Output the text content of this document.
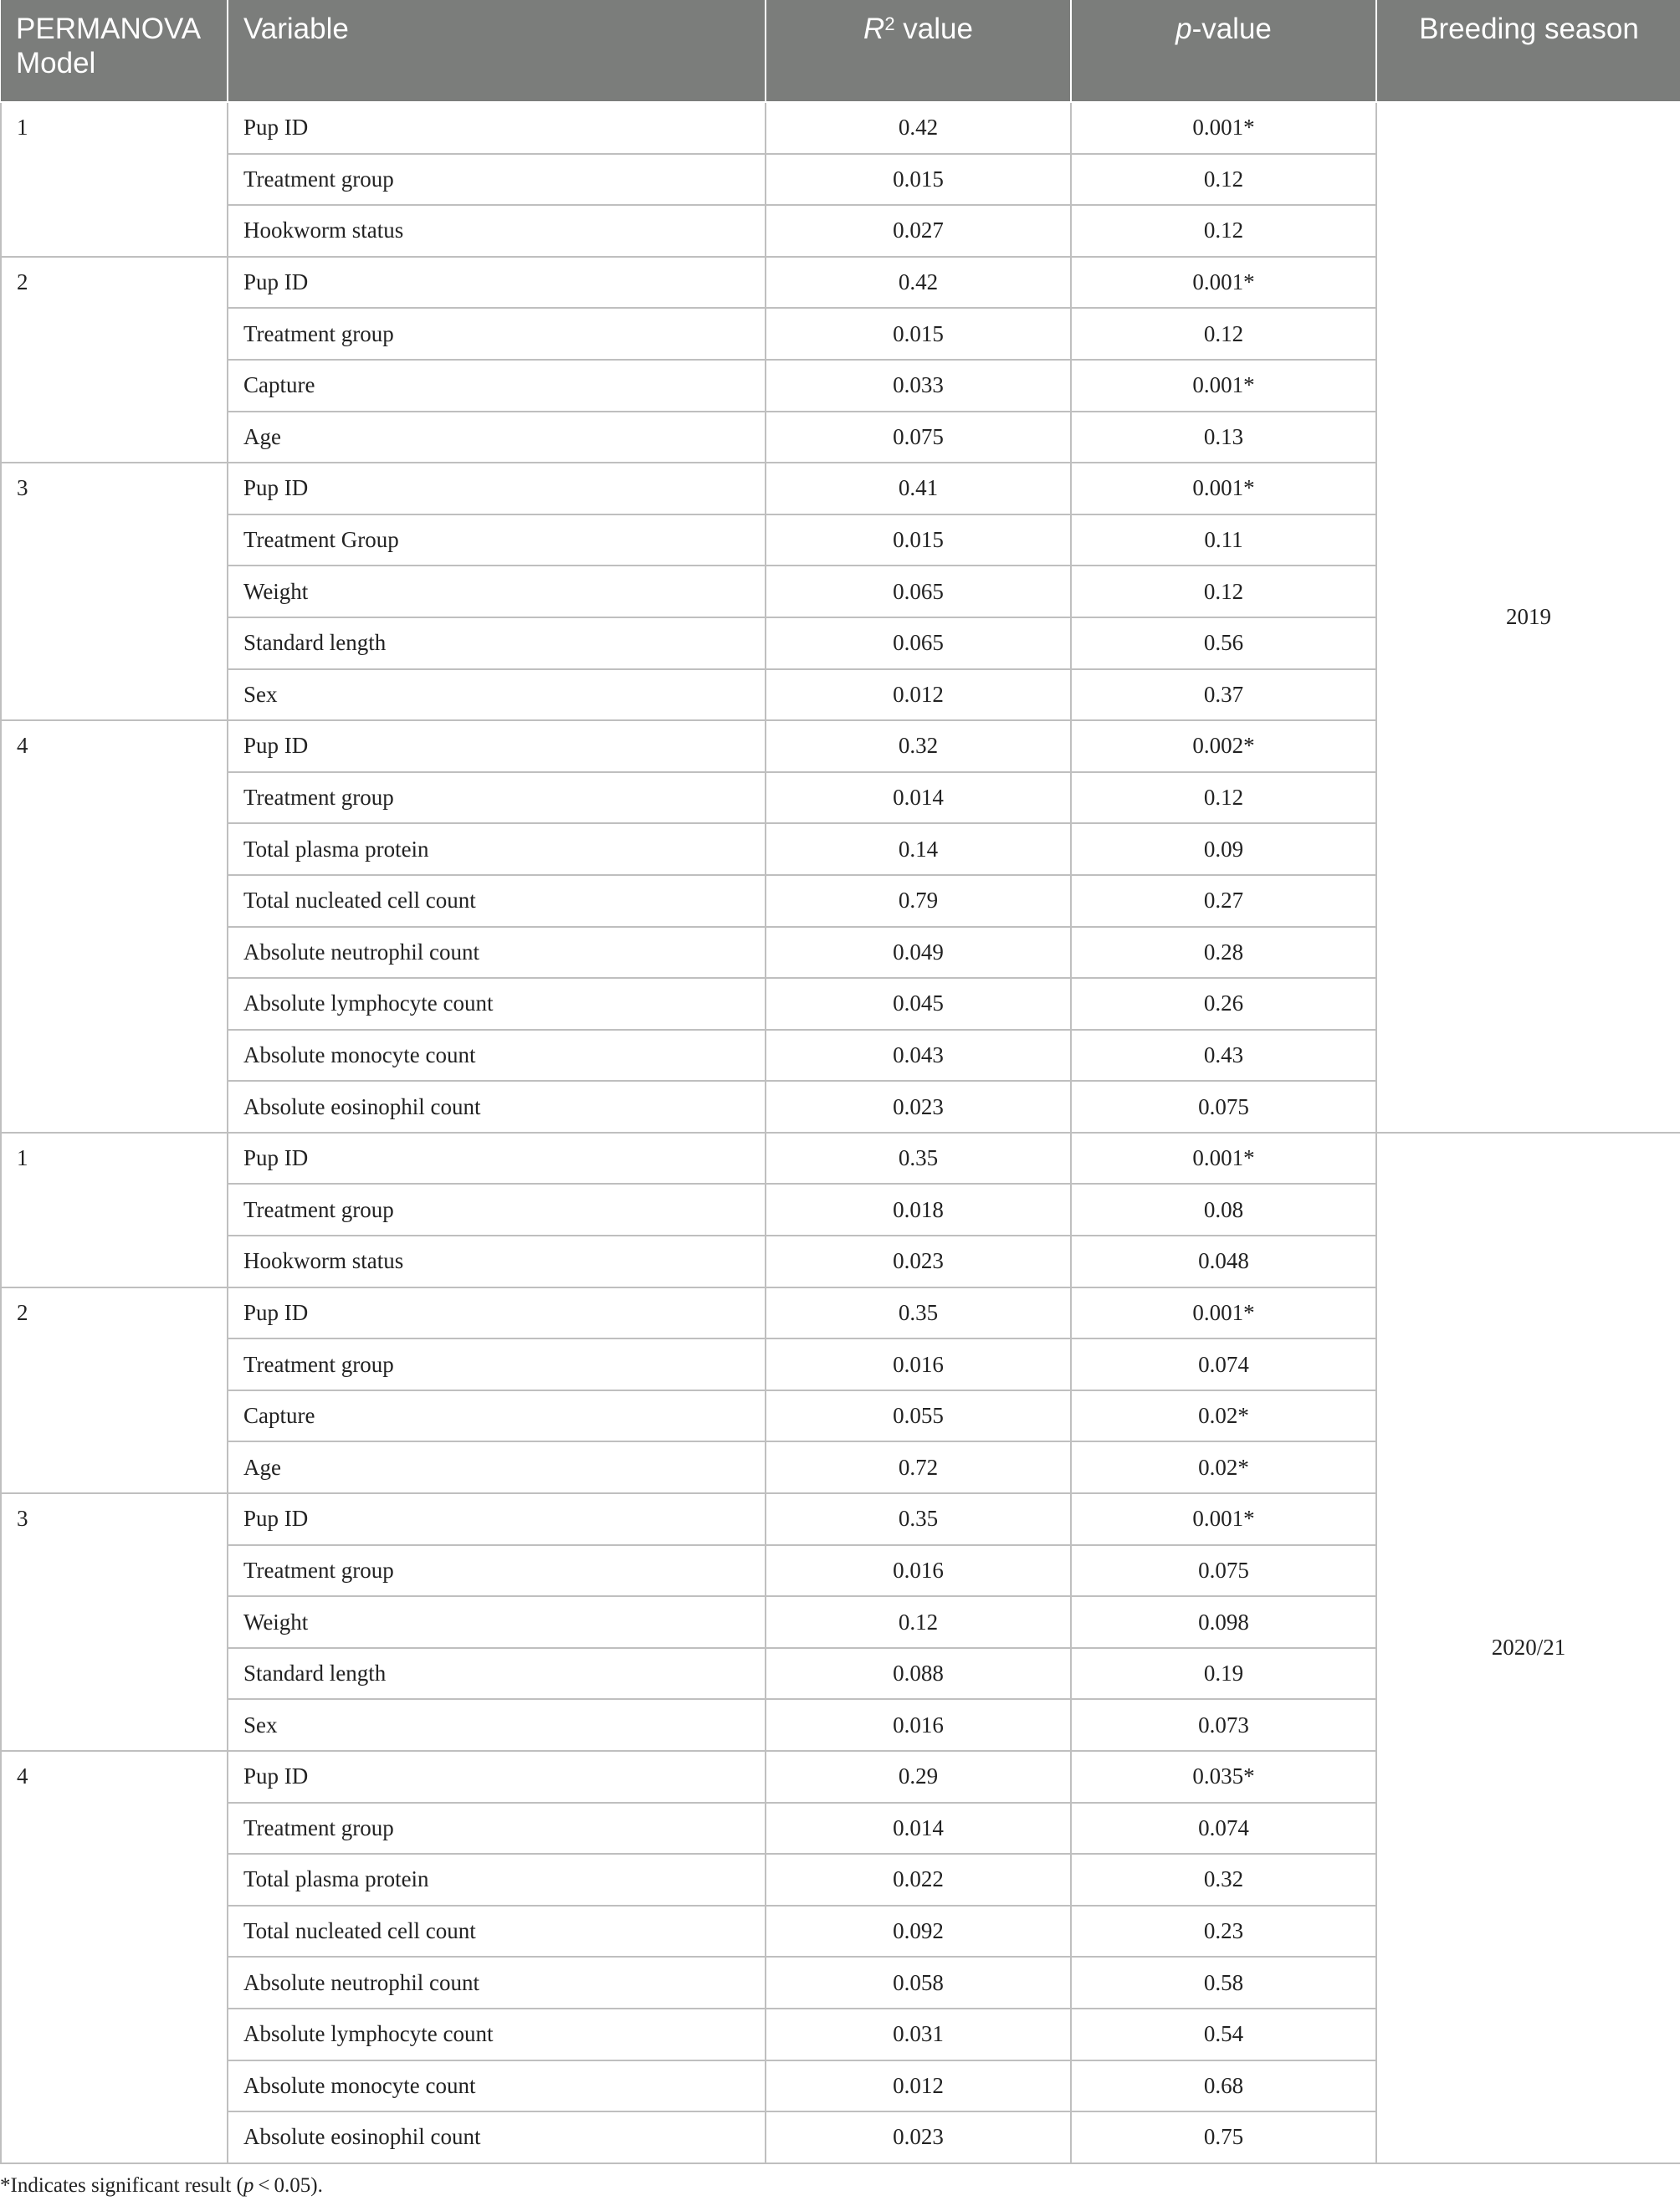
PERMANOVA Model	Variable	$R^2$ value	p-value	Breeding season
1	Pup ID	0.42	0.001*	2019
	Treatment group	0.015	0.12	
	Hookworm status	0.027	0.12	
2	Pup ID	0.42	0.001*	
	Treatment group	0.015	0.12	
	Capture	0.033	0.001*	
	Age	0.075	0.13	
3	Pup ID	0.41	0.001*	
	Treatment Group	0.015	0.11	
	Weight	0.065	0.12	
	Standard length	0.065	0.56	
	Sex	0.012	0.37	
4	Pup ID	0.32	0.002*	
	Treatment group	0.014	0.12	
	Total plasma protein	0.14	0.09	
	Total nucleated cell count	0.79	0.27	
	Absolute neutrophil count	0.049	0.28	
	Absolute lymphocyte count	0.045	0.26	
	Absolute monocyte count	0.043	0.43	
	Absolute eosinophil count	0.023	0.075	
1	Pup ID	0.35	0.001*	2020/21
	Treatment group	0.018	0.08	
	Hookworm status	0.023	0.048	
2	Pup ID	0.35	0.001*	
	Treatment group	0.016	0.074	
	Capture	0.055	0.02*	
	Age	0.72	0.02*	
3	Pup ID	0.35	0.001*	
	Treatment group	0.016	0.075	
	Weight	0.12	0.098	
	Standard length	0.088	0.19	
	Sex	0.016	0.073	
4	Pup ID	0.29	0.035*	
	Treatment group	0.014	0.074	
	Total plasma protein	0.022	0.32	
	Total nucleated cell count	0.092	0.23	
	Absolute neutrophil count	0.058	0.58	
	Absolute lymphocyte count	0.031	0.54	
	Absolute monocyte count	0.012	0.68	
	Absolute eosinophil count	0.023	0.75	
*Indicates significant result (p < 0.05).
